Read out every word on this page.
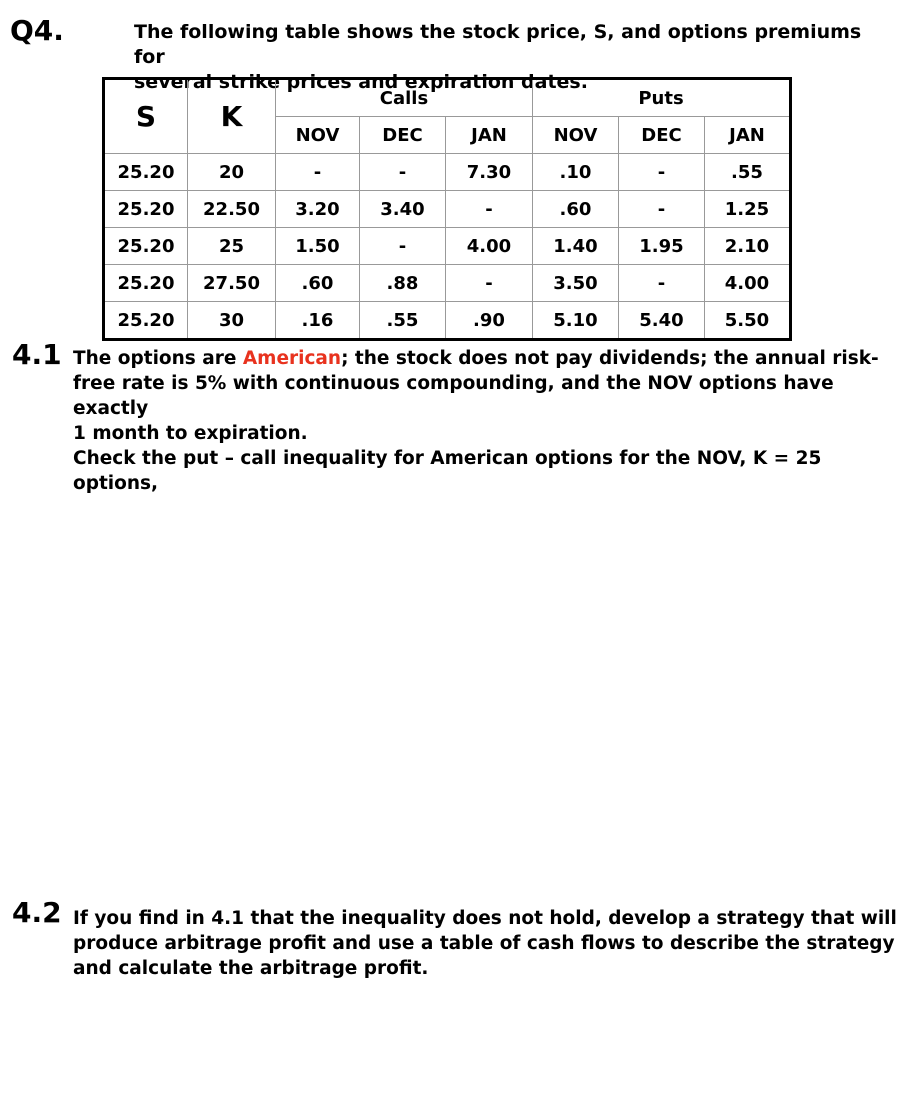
Q4.	The following table shows the stock price, S, and options premiums for
several strike prices and expiration dates.
S	K	Calls			Puts		
		NOV	DEC	JAN	NOV	DEC	JAN
25.20	20	-	-	7.30	.10	-	.55
25.20	22.50	3.20	3.40	-	.60	-	1.25
25.20	25	1.50	-	4.00	1.40	1.95	2.10
25.20	27.50	.60	.88	-	3.50	-	4.00
25.20	30	.16	.55	.90	5.10	5.40	5.50
4.1 The options are American; the stock does not pay dividends; the annual risk-
free rate is 5% with continuous compounding, and the NOV options have exactly
1 month to expiration.
Check the put – call inequality for American options for the NOV, K = 25 options,
4.2 If you find in 4.1 that the inequality does not hold, develop a strategy that will
produce arbitrage profit and use a table of cash flows to describe the strategy
and calculate the arbitrage profit.
